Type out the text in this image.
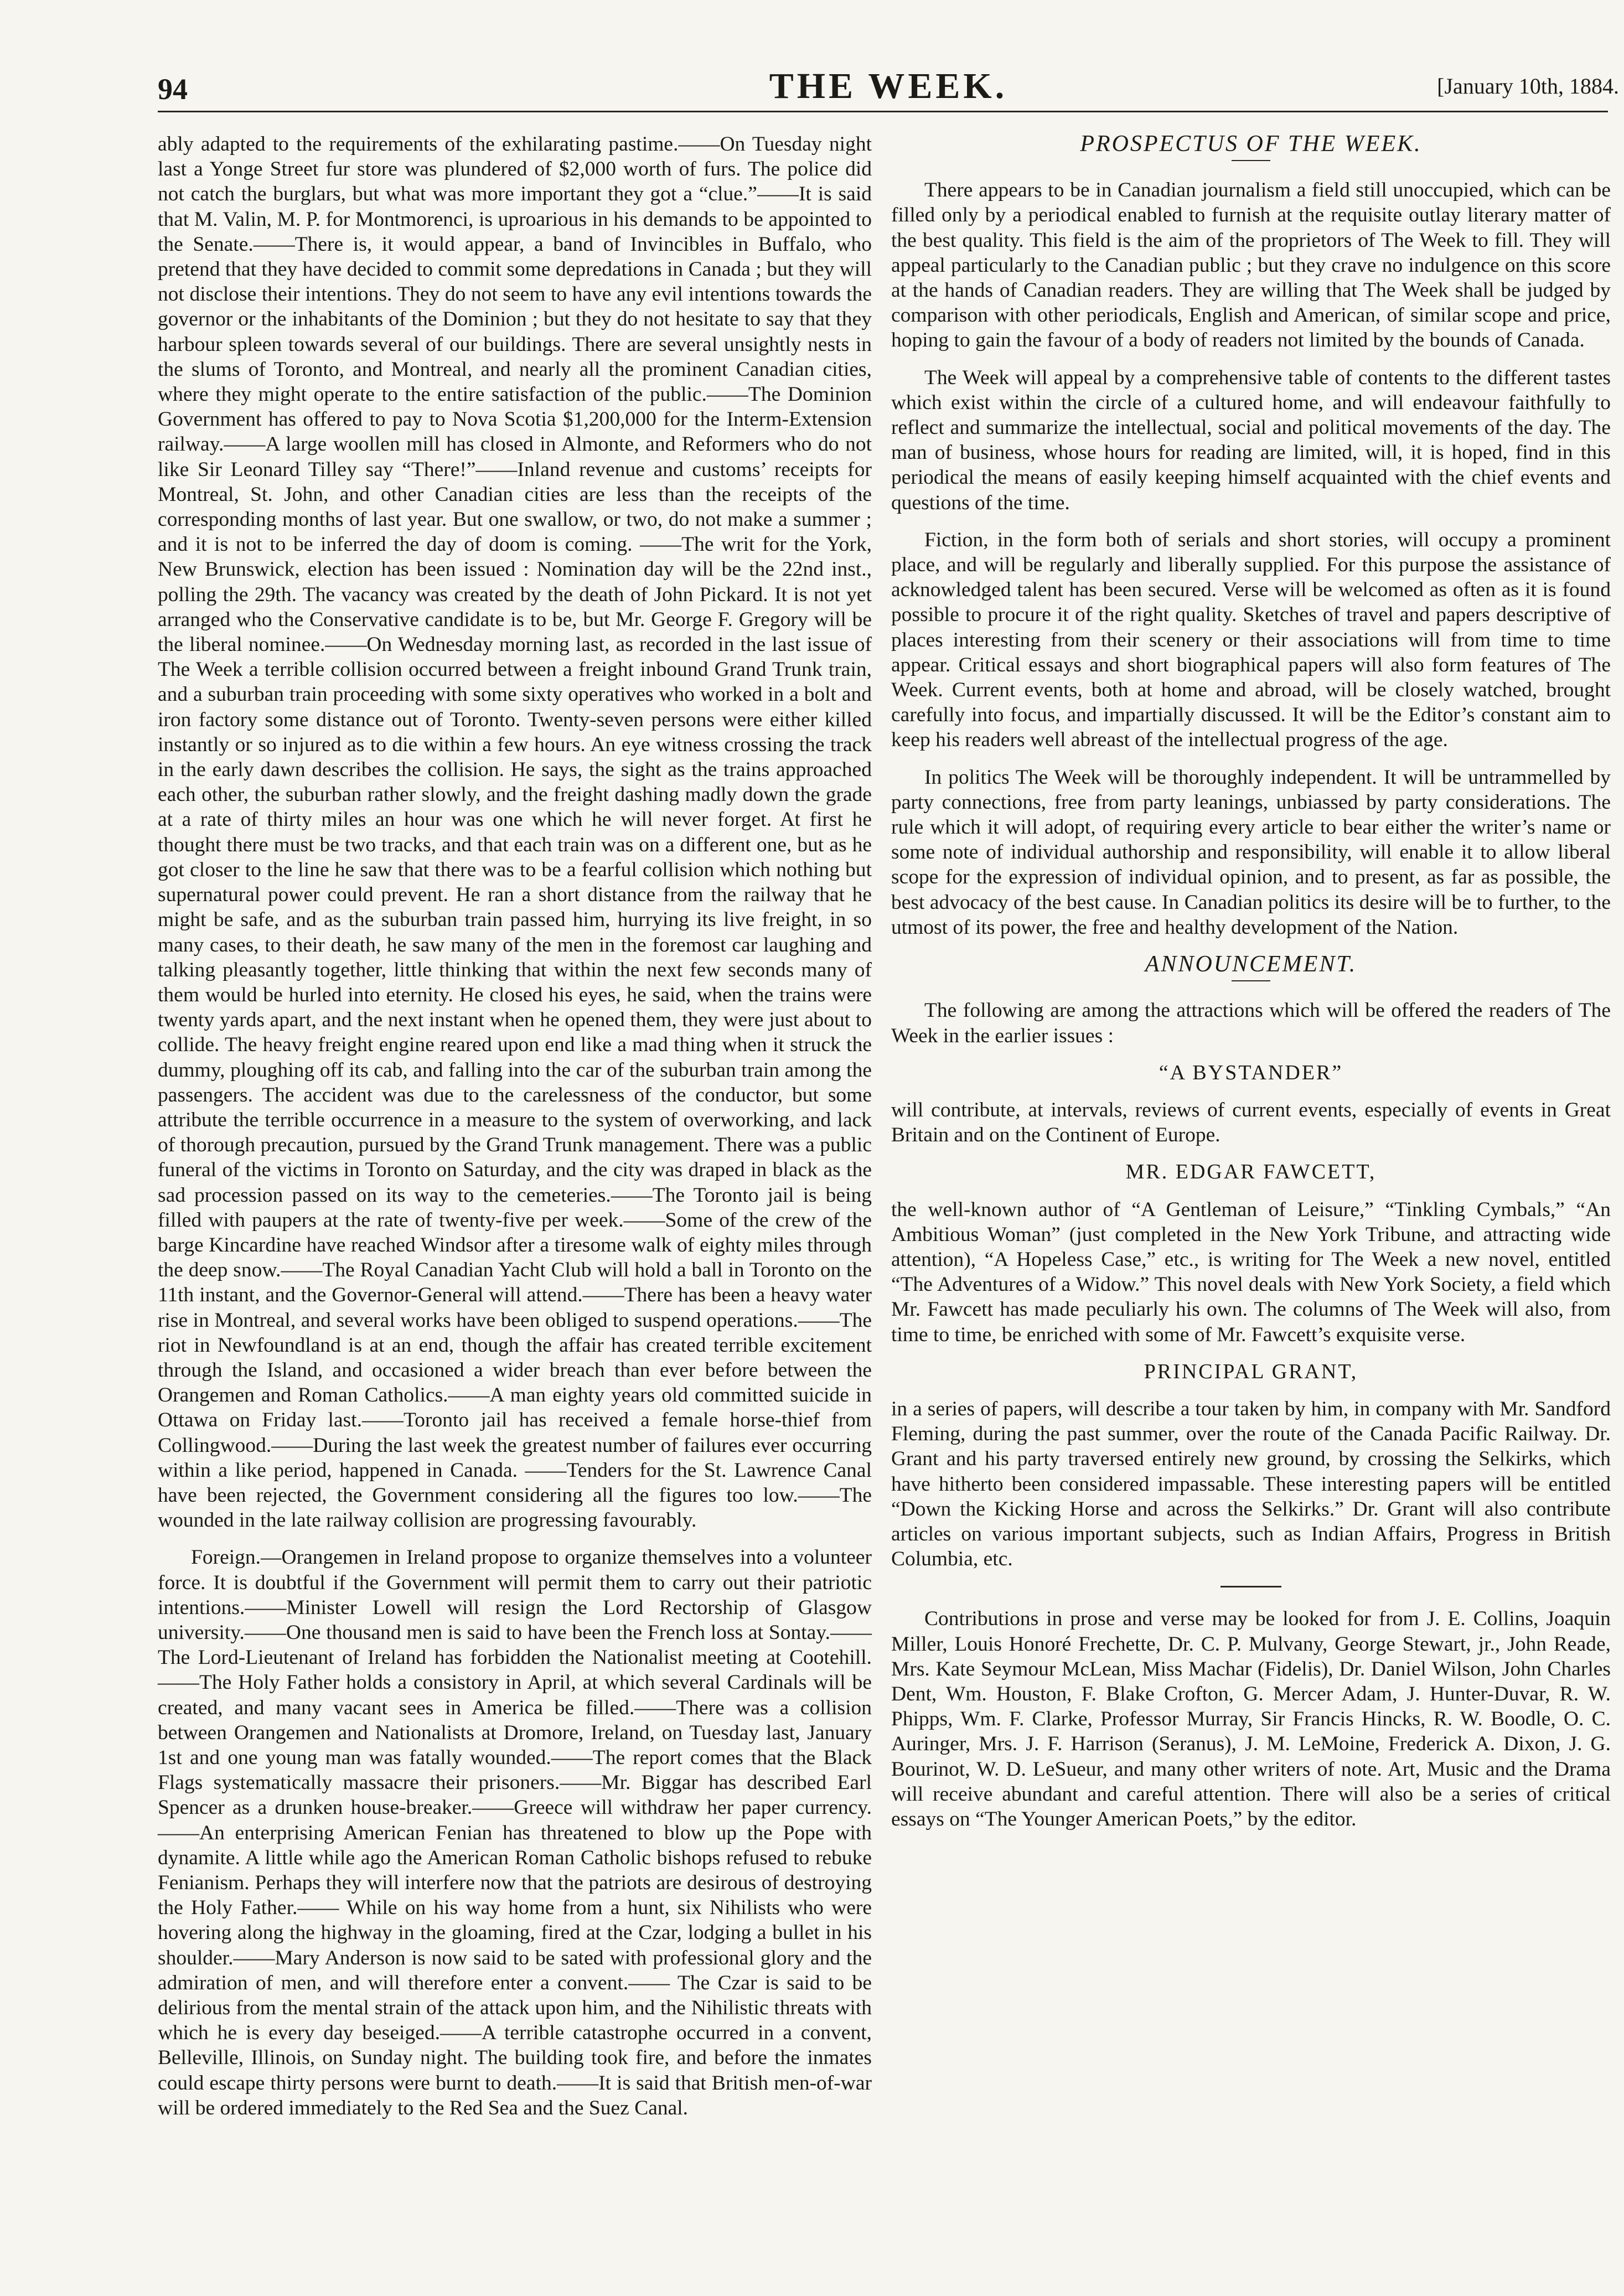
94	THE WEEK.	[January 10th, 1884.

ably adapted to the requirements of the exhilarating pastime.——On Tuesday night last a Yonge Street fur store was plundered of $2,000 worth of furs. The police did not catch the burglars, but what was more important they got a “clue.”——It is said that M. Valin, M. P. for Montmorenci, is uproarious in his demands to be appointed to the Senate.——There is, it would appear, a band of Invincibles in Buffalo, who pretend that they have decided to commit some depredations in Canada ; but they will not disclose their intentions. They do not seem to have any evil intentions towards the governor or the inhabitants of the Dominion ; but they do not hesitate to say that they harbour spleen towards several of our buildings. There are several unsightly nests in the slums of Toronto, and Montreal, and nearly all the prominent Canadian cities, where they might operate to the entire satisfaction of the public.——The Dominion Government has offered to pay to Nova Scotia $1,200,000 for the Interm-Extension railway.——A large woollen mill has closed in Almonte, and Reformers who do not like Sir Leonard Tilley say “There!”——Inland revenue and customs’ receipts for Montreal, St. John, and other Canadian cities are less than the receipts of the corresponding months of last year. But one swallow, or two, do not make a summer ; and it is not to be inferred the day of doom is coming. ——The writ for the York, New Brunswick, election has been issued : Nomination day will be the 22nd inst., polling the 29th. The vacancy was created by the death of John Pickard. It is not yet arranged who the Conservative candidate is to be, but Mr. George F. Gregory will be the liberal nominee.——On Wednesday morning last, as recorded in the last issue of The Week a terrible collision occurred between a freight inbound Grand Trunk train, and a suburban train proceeding with some sixty operatives who worked in a bolt and iron factory some distance out of Toronto. Twenty-seven persons were either killed instantly or so injured as to die within a few hours. An eye witness crossing the track in the early dawn describes the collision. He says, the sight as the trains approached each other, the suburban rather slowly, and the freight dashing madly down the grade at a rate of thirty miles an hour was one which he will never forget. At first he thought there must be two tracks, and that each train was on a different one, but as he got closer to the line he saw that there was to be a fearful collision which nothing but supernatural power could prevent. He ran a short distance from the railway that he might be safe, and as the suburban train passed him, hurrying its live freight, in so many cases, to their death, he saw many of the men in the foremost car laughing and talking pleasantly together, little thinking that within the next few seconds many of them would be hurled into eternity. He closed his eyes, he said, when the trains were twenty yards apart, and the next instant when he opened them, they were just about to collide. The heavy freight engine reared upon end like a mad thing when it struck the dummy, ploughing off its cab, and falling into the car of the suburban train among the passengers. The accident was due to the carelessness of the conductor, but some attribute the terrible occurrence in a measure to the system of overworking, and lack of thorough precaution, pursued by the Grand Trunk management. There was a public funeral of the victims in Toronto on Saturday, and the city was draped in black as the sad procession passed on its way to the cemeteries.——The Toronto jail is being filled with paupers at the rate of twenty-five per week.——Some of the crew of the barge Kincardine have reached Windsor after a tiresome walk of eighty miles through the deep snow.——The Royal Canadian Yacht Club will hold a ball in Toronto on the 11th instant, and the Governor-General will attend.——There has been a heavy water rise in Montreal, and several works have been obliged to suspend operations.——The riot in Newfoundland is at an end, though the affair has created terrible excitement through the Island, and occasioned a wider breach than ever before between the Orangemen and Roman Catholics.——A man eighty years old committed suicide in Ottawa on Friday last.——Toronto jail has received a female horse-thief from Collingwood.——During the last week the greatest number of failures ever occurring within a like period, happened in Canada. ——Tenders for the St. Lawrence Canal have been rejected, the Government considering all the figures too low.——The wounded in the late railway collision are progressing favourably.

Foreign.—Orangemen in Ireland propose to organize themselves into a volunteer force. It is doubtful if the Government will permit them to carry out their patriotic intentions.——Minister Lowell will resign the Lord Rectorship of Glasgow university.——One thousand men is said to have been the French loss at Sontay.——The Lord-Lieutenant of Ireland has forbidden the Nationalist meeting at Cootehill.——The Holy Father holds a consistory in April, at which several Cardinals will be created, and many vacant sees in America be filled.——There was a collision between Orangemen and Nationalists at Dromore, Ireland, on Tuesday last, January 1st and one young man was fatally wounded.——The report comes that the Black Flags systematically massacre their prisoners.——Mr. Biggar has described Earl Spencer as a drunken house-breaker.——Greece will withdraw her paper currency.——An enterprising American Fenian has threatened to blow up the Pope with dynamite. A little while ago the American Roman Catholic bishops refused to rebuke Fenianism. Perhaps they will interfere now that the patriots are desirous of destroying the Holy Father.—— While on his way home from a hunt, six Nihilists who were hovering along the highway in the gloaming, fired at the Czar, lodging a bullet in his shoulder.——Mary Anderson is now said to be sated with professional glory and the admiration of men, and will therefore enter a convent.—— The Czar is said to be delirious from the mental strain of the attack upon him, and the Nihilistic threats with which he is every day beseiged.——A terrible catastrophe occurred in a convent, Belleville, Illinois, on Sunday night. The building took fire, and before the inmates could escape thirty persons were burnt to death.——It is said that British men-of-war will be ordered immediately to the Red Sea and the Suez Canal.

PROSPECTUS OF THE WEEK.

There appears to be in Canadian journalism a field still unoccupied, which can be filled only by a periodical enabled to furnish at the requisite outlay literary matter of the best quality. This field is the aim of the proprietors of The Week to fill. They will appeal particularly to the Canadian public ; but they crave no indulgence on this score at the hands of Canadian readers. They are willing that The Week shall be judged by comparison with other periodicals, English and American, of similar scope and price, hoping to gain the favour of a body of readers not limited by the bounds of Canada.

The Week will appeal by a comprehensive table of contents to the different tastes which exist within the circle of a cultured home, and will endeavour faithfully to reflect and summarize the intellectual, social and political movements of the day. The man of business, whose hours for reading are limited, will, it is hoped, find in this periodical the means of easily keeping himself acquainted with the chief events and questions of the time.

Fiction, in the form both of serials and short stories, will occupy a prominent place, and will be regularly and liberally supplied. For this purpose the assistance of acknowledged talent has been secured. Verse will be welcomed as often as it is found possible to procure it of the right quality. Sketches of travel and papers descriptive of places interesting from their scenery or their associations will from time to time appear. Critical essays and short biographical papers will also form features of The Week. Current events, both at home and abroad, will be closely watched, brought carefully into focus, and impartially discussed. It will be the Editor’s constant aim to keep his readers well abreast of the intellectual progress of the age.

In politics The Week will be thoroughly independent. It will be untrammelled by party connections, free from party leanings, unbiassed by party considerations. The rule which it will adopt, of requiring every article to bear either the writer’s name or some note of individual authorship and responsibility, will enable it to allow liberal scope for the expression of individual opinion, and to present, as far as possible, the best advocacy of the best cause. In Canadian politics its desire will be to further, to the utmost of its power, the free and healthy development of the Nation.

ANNOUNCEMENT.

The following are among the attractions which will be offered the readers of The Week in the earlier issues :

“A BYSTANDER”

will contribute, at intervals, reviews of current events, especially of events in Great Britain and on the Continent of Europe.

MR. EDGAR FAWCETT,

the well-known author of “A Gentleman of Leisure,” “Tinkling Cymbals,” “An Ambitious Woman” (just completed in the New York Tribune, and attracting wide attention), “A Hopeless Case,” etc., is writing for The Week a new novel, entitled “The Adventures of a Widow.” This novel deals with New York Society, a field which Mr. Fawcett has made peculiarly his own. The columns of The Week will also, from time to time, be enriched with some of Mr. Fawcett’s exquisite verse.

PRINCIPAL GRANT,

in a series of papers, will describe a tour taken by him, in company with Mr. Sandford Fleming, during the past summer, over the route of the Canada Pacific Railway. Dr. Grant and his party traversed entirely new ground, by crossing the Selkirks, which have hitherto been considered impassable. These interesting papers will be entitled “Down the Kicking Horse and across the Selkirks.” Dr. Grant will also contribute articles on various important subjects, such as Indian Affairs, Progress in British Columbia, etc.

Contributions in prose and verse may be looked for from J. E. Collins, Joaquin Miller, Louis Honoré Frechette, Dr. C. P. Mulvany, George Stewart, jr., John Reade, Mrs. Kate Seymour McLean, Miss Machar (Fidelis), Dr. Daniel Wilson, John Charles Dent, Wm. Houston, F. Blake Crofton, G. Mercer Adam, J. Hunter-Duvar, R. W. Phipps, Wm. F. Clarke, Professor Murray, Sir Francis Hincks, R. W. Boodle, O. C. Auringer, Mrs. J. F. Harrison (Seranus), J. M. LeMoine, Frederick A. Dixon, J. G. Bourinot, W. D. LeSueur, and many other writers of note. Art, Music and the Drama will receive abundant and careful attention. There will also be a series of critical essays on “The Younger American Poets,” by the editor.
